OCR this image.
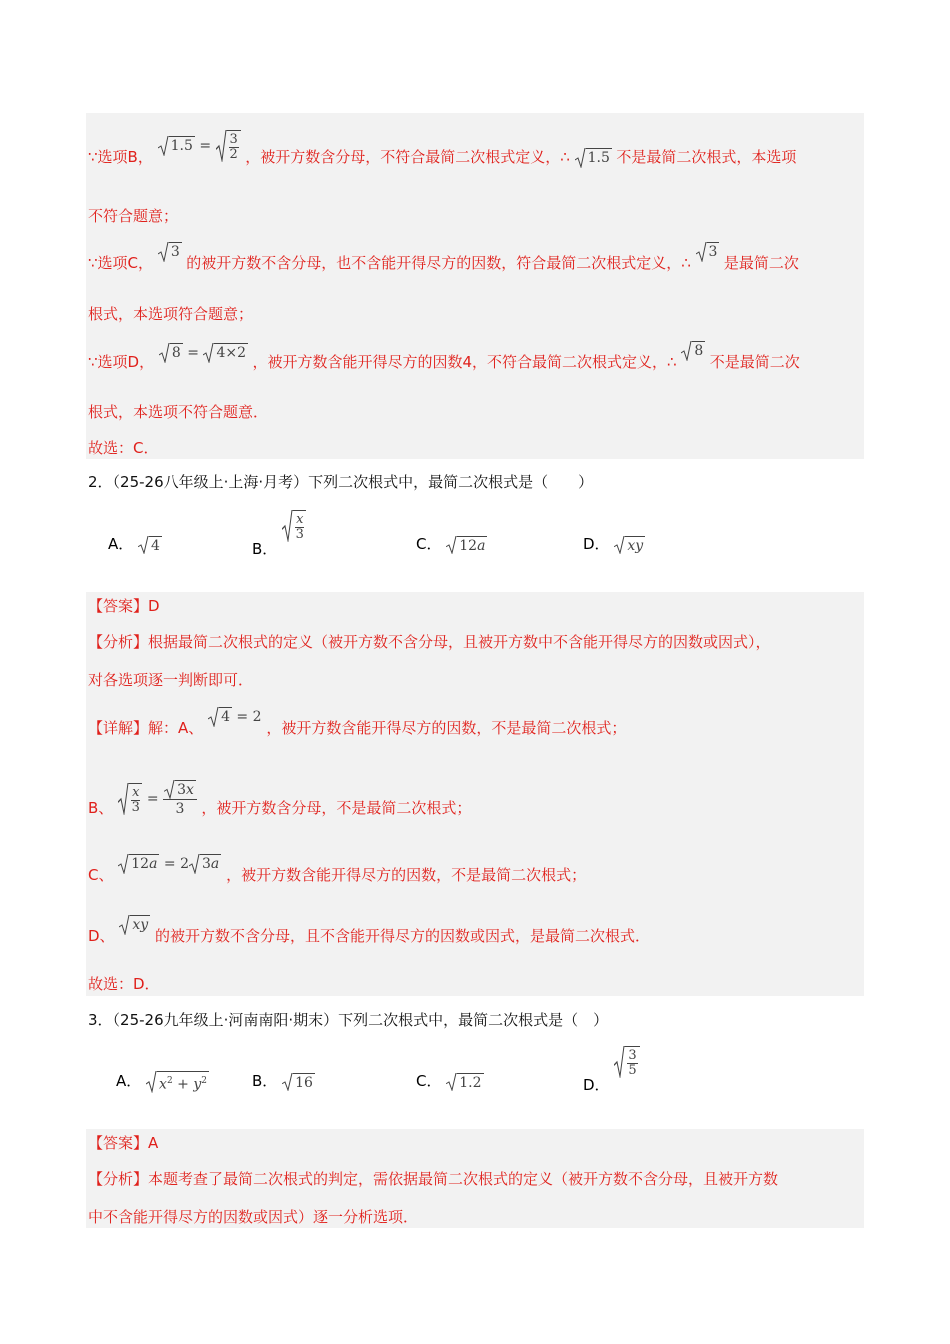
∵选项B，
$1.5 = \frac{3}{2}$ ，被开方数含分母，不符合最简二次根式定义，∴ 1.5 不是最简二次根式，本选项
不符合题意；
∵选项C，
3 的被开方数不含分母，也不含能开得尽方的因数，符合最简二次根式定义，∴
3 是最简二次
根式，本选项符合题意；
∵选项D， 8 =
4×2 ，被开方数含能开得尽方的因数4，不符合最简二次根式定义，∴
8 不是最简二次
根式，本选项不符合题意．
故选：C．
2．（25-26八年级上·上海·月考）下列二次根式中，最简二次根式是（　　）
A． 4	B．
$\frac{x}{3}$
C． 12a	D． xy
【答案】D
【分析】根据最简二次根式的定义（被开方数不含分母，且被开方数中不含能开得尽方的因数或因式），
对各选项逐一判断即可．
【详解】解：A、
4 = 2 ，被开方数含能开得尽方的因数，不是最简二次根式；
B、 $\frac{x}{3} = \frac{3x}{3}$ ，被开方数含分母，不是最简二次根式；
C、
12a = 2 3a ，被开方数含能开得尽方的因数，不是最简二次根式；
D、
xy 的被开方数不含分母，且不含能开得尽方的因数或因式，是最简二次根式．
故选：D．
3．（25-26九年级上·河南南阳·期末）下列二次根式中，最简二次根式是（　）
A． $x^2 + y^2$	B． 16	C． 1.2	D．
$\frac{3}{5}$
【答案】A
【分析】本题考查了最简二次根式的判定，需依据最简二次根式的定义（被开方数不含分母，且被开方数
中不含能开得尽方的因数或因式）逐一分析选项．
